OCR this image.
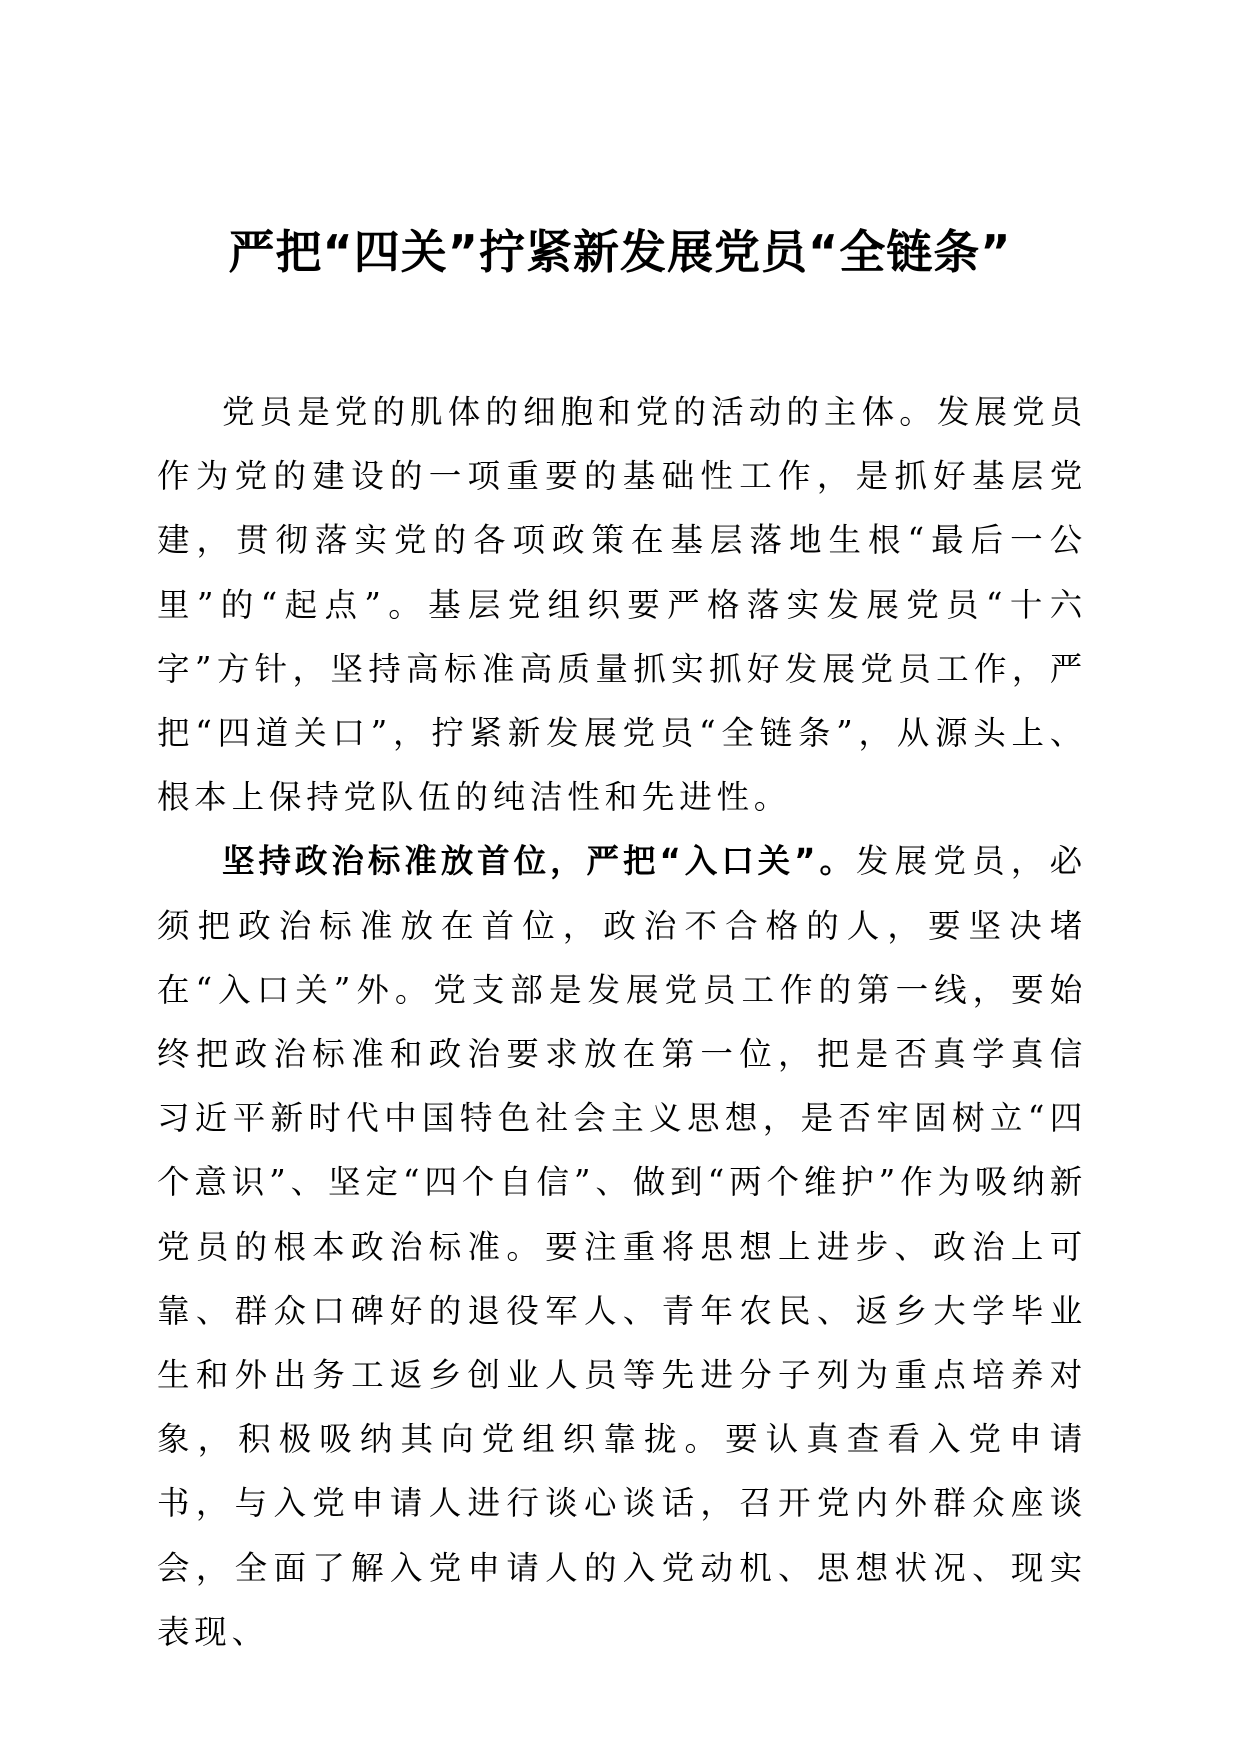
严把“四关”拧紧新发展党员“全链条”

党员是党的肌体的细胞和党的活动的主体。发展党员作为党的建设的一项重要的基础性工作，是抓好基层党建，贯彻落实党的各项政策在基层落地生根“最后一公里”的“起点”。基层党组织要严格落实发展党员“十六字”方针，坚持高标准高质量抓实抓好发展党员工作，严把“四道关口”，拧紧新发展党员“全链条”，从源头上、根本上保持党队伍的纯洁性和先进性。

坚持政治标准放首位，严把“入口关”。发展党员，必须把政治标准放在首位，政治不合格的人，要坚决堵在“入口关”外。党支部是发展党员工作的第一线，要始终把政治标准和政治要求放在第一位，把是否真学真信习近平新时代中国特色社会主义思想，是否牢固树立“四个意识”、坚定“四个自信”、做到“两个维护”作为吸纳新党员的根本政治标准。要注重将思想上进步、政治上可靠、群众口碑好的退役军人、青年农民、返乡大学毕业生和外出务工返乡创业人员等先进分子列为重点培养对象，积极吸纳其向党组织靠拢。要认真查看入党申请书，与入党申请人进行谈心谈话，召开党内外群众座谈会，全面了解入党申请人的入党动机、思想状况、现实表现、
